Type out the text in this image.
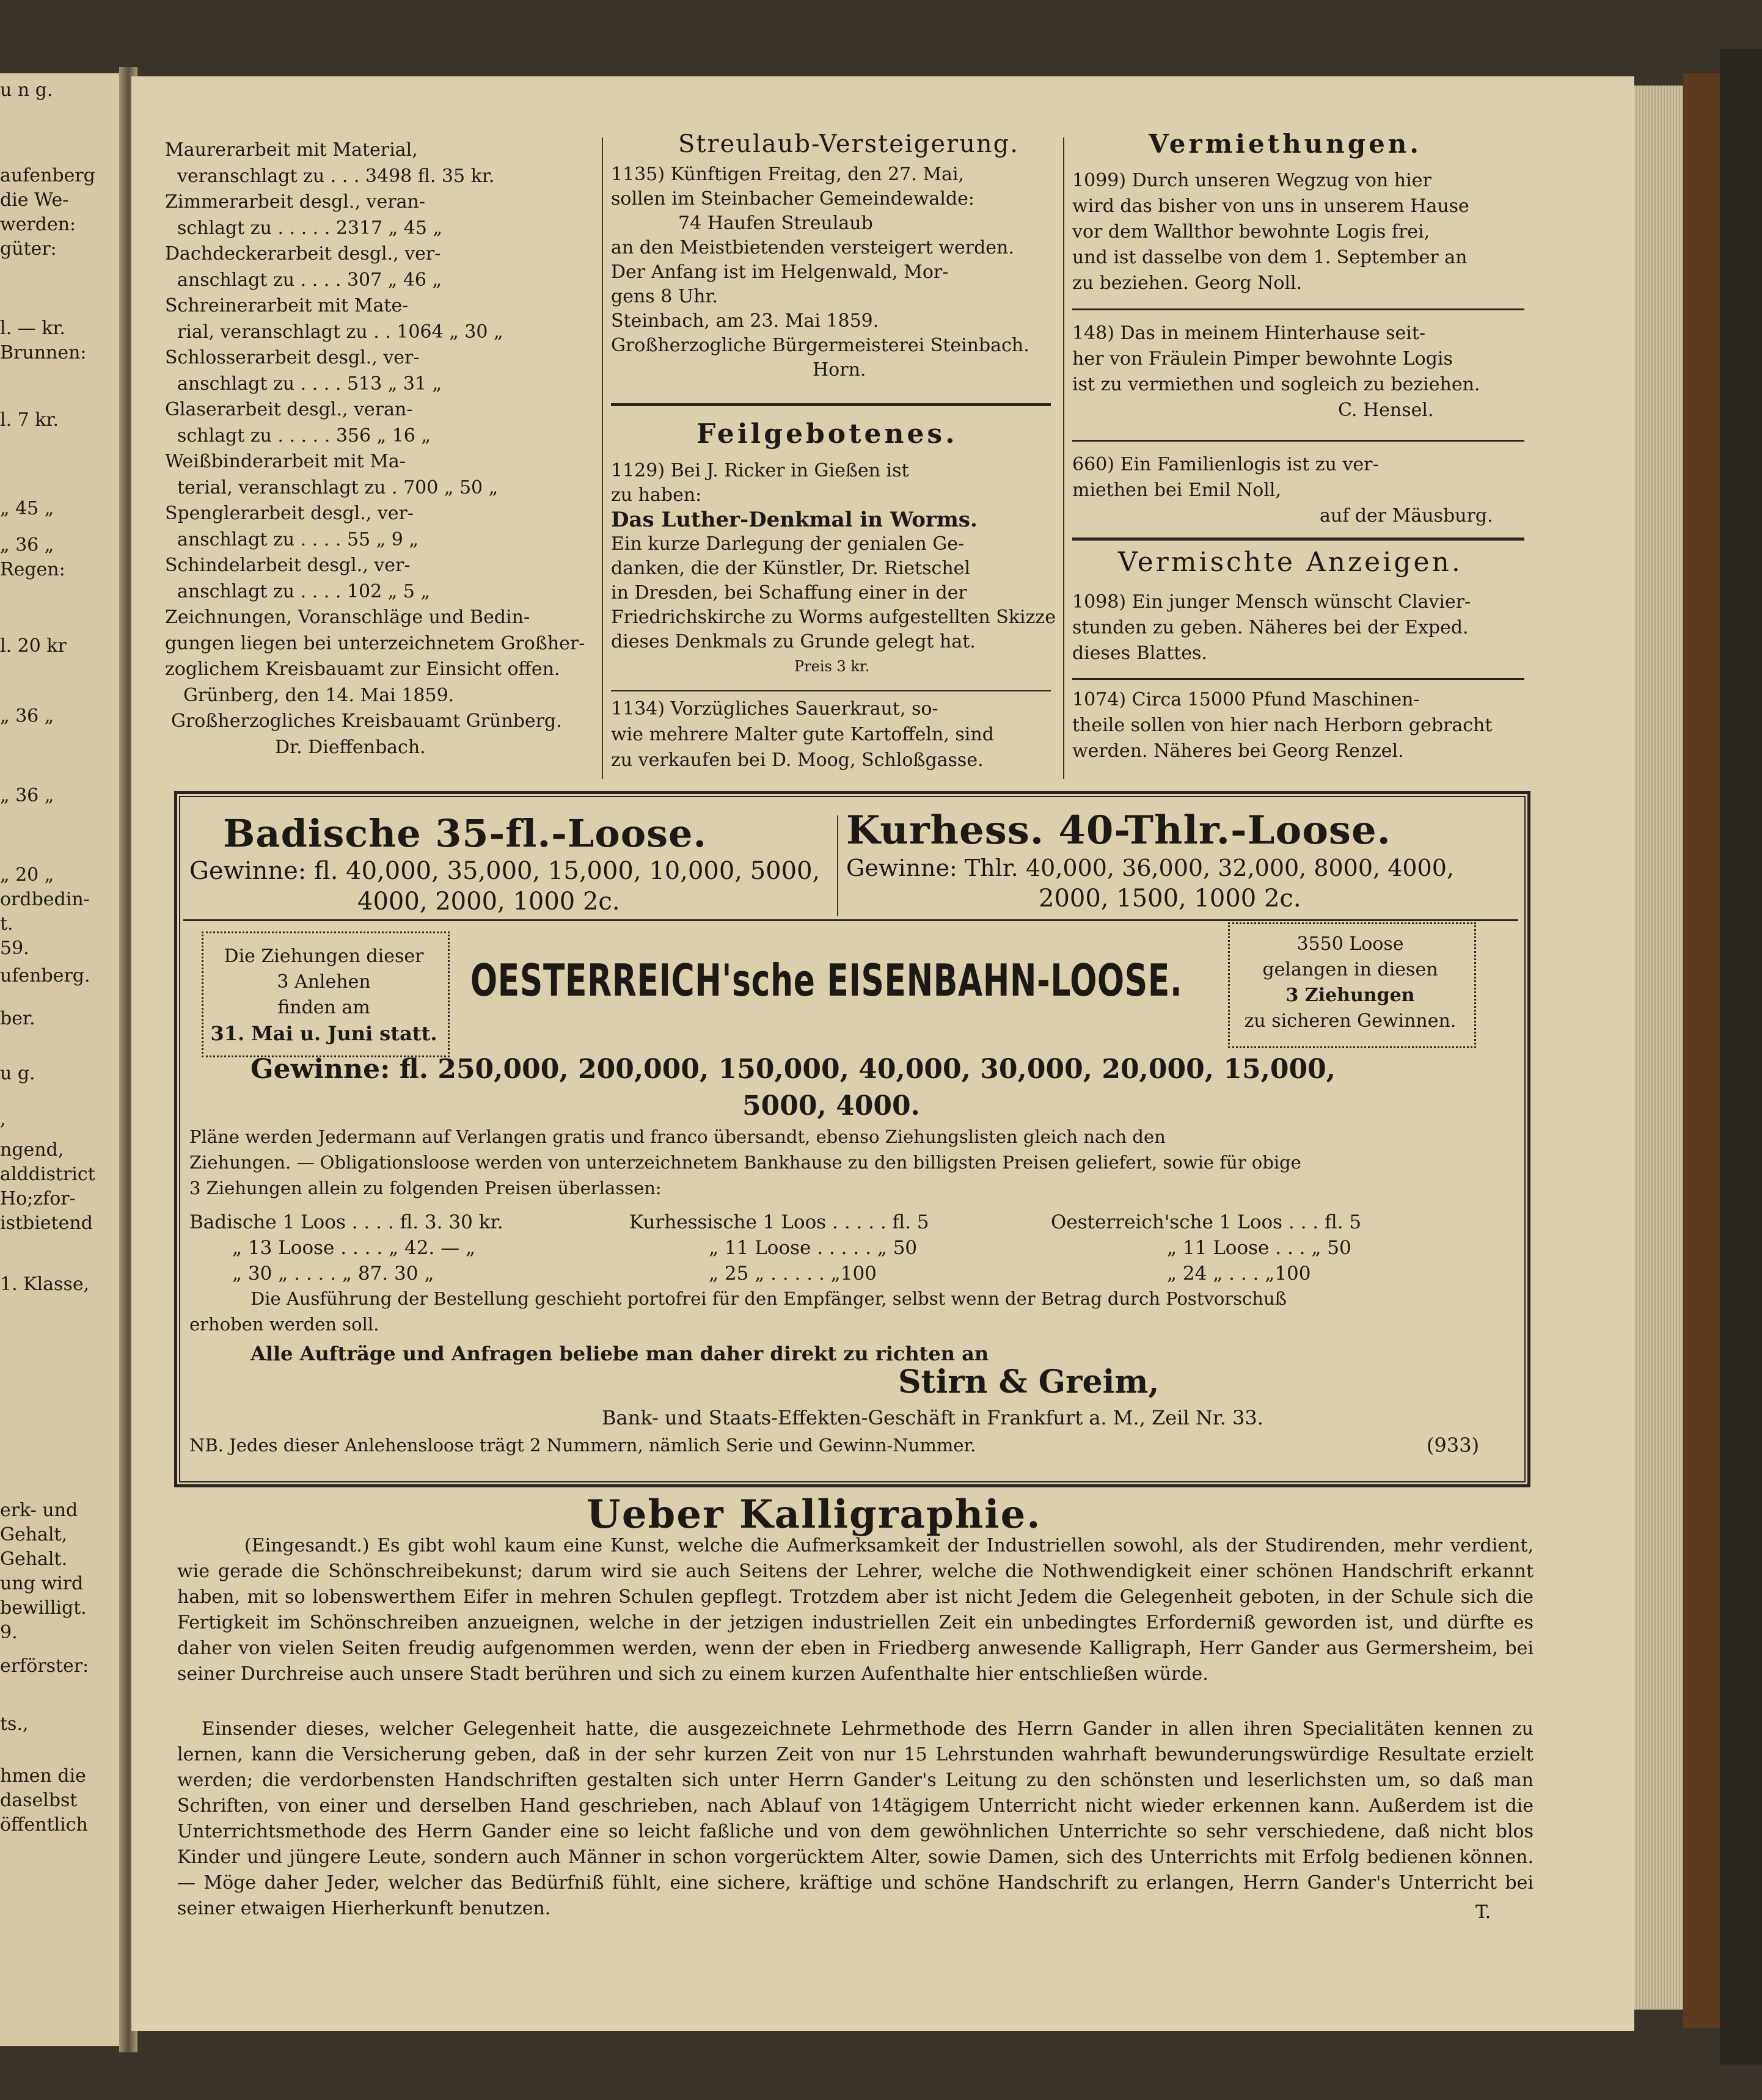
u n g.
aufenberg
die We-
werden:
güter:
l. — kr.
Brunnen:
l. 7 kr.
„ 45 „
„ 36 „
Regen:
l. 20 kr
„ 36 „
„ 36 „
„ 20 „
ordbedin-
t.
59.
ufenberg.
ber.
u g.
,
ngend,
alddistrict
Ho;zfor-
istbietend
1. Klasse,
erk- und
Gehalt,
Gehalt.
ung wird
bewilligt.
9.
erförster:
ts.,
hmen die
daselbst
öffentlich
Maurerarbeit mit Material,
veranschlagt zu . . . 3498 fl. 35 kr.
Zimmerarbeit desgl., veran-
schlagt zu . . . . . 2317 „ 45 „
Dachdeckerarbeit desgl., ver-
anschlagt zu . . . . 307 „ 46 „
Schreinerarbeit mit Mate-
rial, veranschlagt zu . . 1064 „ 30 „
Schlosserarbeit desgl., ver-
anschlagt zu . . . . 513 „ 31 „
Glaserarbeit desgl., veran-
schlagt zu . . . . . 356 „ 16 „
Weißbinderarbeit mit Ma-
terial, veranschlagt zu . 700 „ 50 „
Spenglerarbeit desgl., ver-
anschlagt zu . . . . 55 „ 9 „
Schindelarbeit desgl., ver-
anschlagt zu . . . . 102 „ 5 „
Zeichnungen, Voranschläge und Bedin-
gungen liegen bei unterzeichnetem Großher-
zoglichem Kreisbauamt zur Einsicht offen.
Grünberg, den 14. Mai 1859.
Großherzogliches Kreisbauamt Grünberg.
Dr. Dieffenbach.
Streulaub-Versteigerung.
1135) Künftigen Freitag, den 27. Mai,
sollen im Steinbacher Gemeindewalde:
74 Haufen Streulaub
an den Meistbietenden versteigert werden.
Der Anfang ist im Helgenwald, Mor-
gens 8 Uhr.
Steinbach, am 23. Mai 1859.
Großherzogliche Bürgermeisterei Steinbach.
Horn.
Feilgebotenes.
1129) Bei J. Ricker in Gießen ist
zu haben:
Das Luther-Denkmal in Worms.
Ein kurze Darlegung der genialen Ge-
danken, die der Künstler, Dr. Rietschel
in Dresden, bei Schaffung einer in der
Friedrichskirche zu Worms aufgestellten Skizze
dieses Denkmals zu Grunde gelegt hat.
Preis 3 kr.
1134) Vorzügliches Sauerkraut, so-
wie mehrere Malter gute Kartoffeln, sind
zu verkaufen bei D. Moog, Schloßgasse.
Vermiethungen.
1099) Durch unseren Wegzug von hier
wird das bisher von uns in unserem Hause
vor dem Wallthor bewohnte Logis frei,
und ist dasselbe von dem 1. September an
zu beziehen. Georg Noll.
148) Das in meinem Hinterhause seit-
her von Fräulein Pimper bewohnte Logis
ist zu vermiethen und sogleich zu beziehen.
C. Hensel.
660) Ein Familienlogis ist zu ver-
miethen bei Emil Noll,
auf der Mäusburg.
Vermischte Anzeigen.
1098) Ein junger Mensch wünscht Clavier-
stunden zu geben. Näheres bei der Exped.
dieses Blattes.
1074) Circa 15000 Pfund Maschinen-
theile sollen von hier nach Herborn gebracht
werden. Näheres bei Georg Renzel.
Badische 35-fl.-Loose.
Gewinne: fl. 40,000, 35,000, 15,000, 10,000, 5000,
4000, 2000, 1000 2c.
Kurhess. 40-Thlr.-Loose.
Gewinne: Thlr. 40,000, 36,000, 32,000, 8000, 4000,
2000, 1500, 1000 2c.
Die Ziehungen dieser
3 Anlehen
finden am
31. Mai u. Juni statt.
OESTERREICH'sche EISENBAHN-LOOSE.
3550 Loose
gelangen in diesen
3 Ziehungen
zu sicheren Gewinnen.
Gewinne: fl. 250,000, 200,000, 150,000, 40,000, 30,000, 20,000, 15,000,
5000, 4000.
Pläne werden Jedermann auf Verlangen gratis und franco übersandt, ebenso Ziehungslisten gleich nach den
Ziehungen. — Obligationsloose werden von unterzeichnetem Bankhause zu den billigsten Preisen geliefert, sowie für obige
3 Ziehungen allein zu folgenden Preisen überlassen:
Badische 1 Loos . . . . fl. 3. 30 kr.
„ 13 Loose . . . . „ 42. — „
„ 30 „ . . . . „ 87. 30 „
Kurhessische 1 Loos . . . . . fl. 5
„ 11 Loose . . . . . „ 50
„ 25 „ . . . . . „100
Oesterreich'sche 1 Loos . . . fl. 5
„ 11 Loose . . . „ 50
„ 24 „ . . . „100
Die Ausführung der Bestellung geschieht portofrei für den Empfänger, selbst wenn der Betrag durch Postvorschuß
erhoben werden soll.
Alle Aufträge und Anfragen beliebe man daher direkt zu richten an
Stirn & Greim,
Bank- und Staats-Effekten-Geschäft in Frankfurt a. M., Zeil Nr. 33.
NB. Jedes dieser Anlehensloose trägt 2 Nummern, nämlich Serie und Gewinn-Nummer.	(933)
Ueber Kalligraphie.
(Eingesandt.) Es gibt wohl kaum eine Kunst, welche die Aufmerksamkeit der Industriellen sowohl, als der Studirenden, mehr verdient, wie gerade die Schönschreibekunst; darum wird sie auch Seitens der Lehrer, welche die Nothwendigkeit einer schönen Handschrift erkannt haben, mit so lobenswerthem Eifer in mehren Schulen gepflegt. Trotzdem aber ist nicht Jedem die Gelegenheit geboten, in der Schule sich die Fertigkeit im Schönschreiben anzueignen, welche in der jetzigen industriellen Zeit ein unbedingtes Erforderniß geworden ist, und dürfte es daher von vielen Seiten freudig aufgenommen werden, wenn der eben in Friedberg anwesende Kalligraph, Herr Gander aus Germersheim, bei seiner Durchreise auch unsere Stadt berühren und sich zu einem kurzen Aufenthalte hier entschließen würde.
Einsender dieses, welcher Gelegenheit hatte, die ausgezeichnete Lehrmethode des Herrn Gander in allen ihren Specialitäten kennen zu lernen, kann die Versicherung geben, daß in der sehr kurzen Zeit von nur 15 Lehrstunden wahrhaft bewunderungswürdige Resultate erzielt werden; die verdorbensten Handschriften gestalten sich unter Herrn Gander's Leitung zu den schönsten und leserlichsten um, so daß man Schriften, von einer und derselben Hand geschrieben, nach Ablauf von 14tägigem Unterricht nicht wieder erkennen kann. Außerdem ist die Unterrichtsmethode des Herrn Gander eine so leicht faßliche und von dem gewöhnlichen Unterrichte so sehr verschiedene, daß nicht blos Kinder und jüngere Leute, sondern auch Männer in schon vorgerücktem Alter, sowie Damen, sich des Unterrichts mit Erfolg bedienen können. — Möge daher Jeder, welcher das Bedürfniß fühlt, eine sichere, kräftige und schöne Handschrift zu erlangen, Herrn Gander's Unterricht bei seiner etwaigen Hierherkunft benutzen.	T.
